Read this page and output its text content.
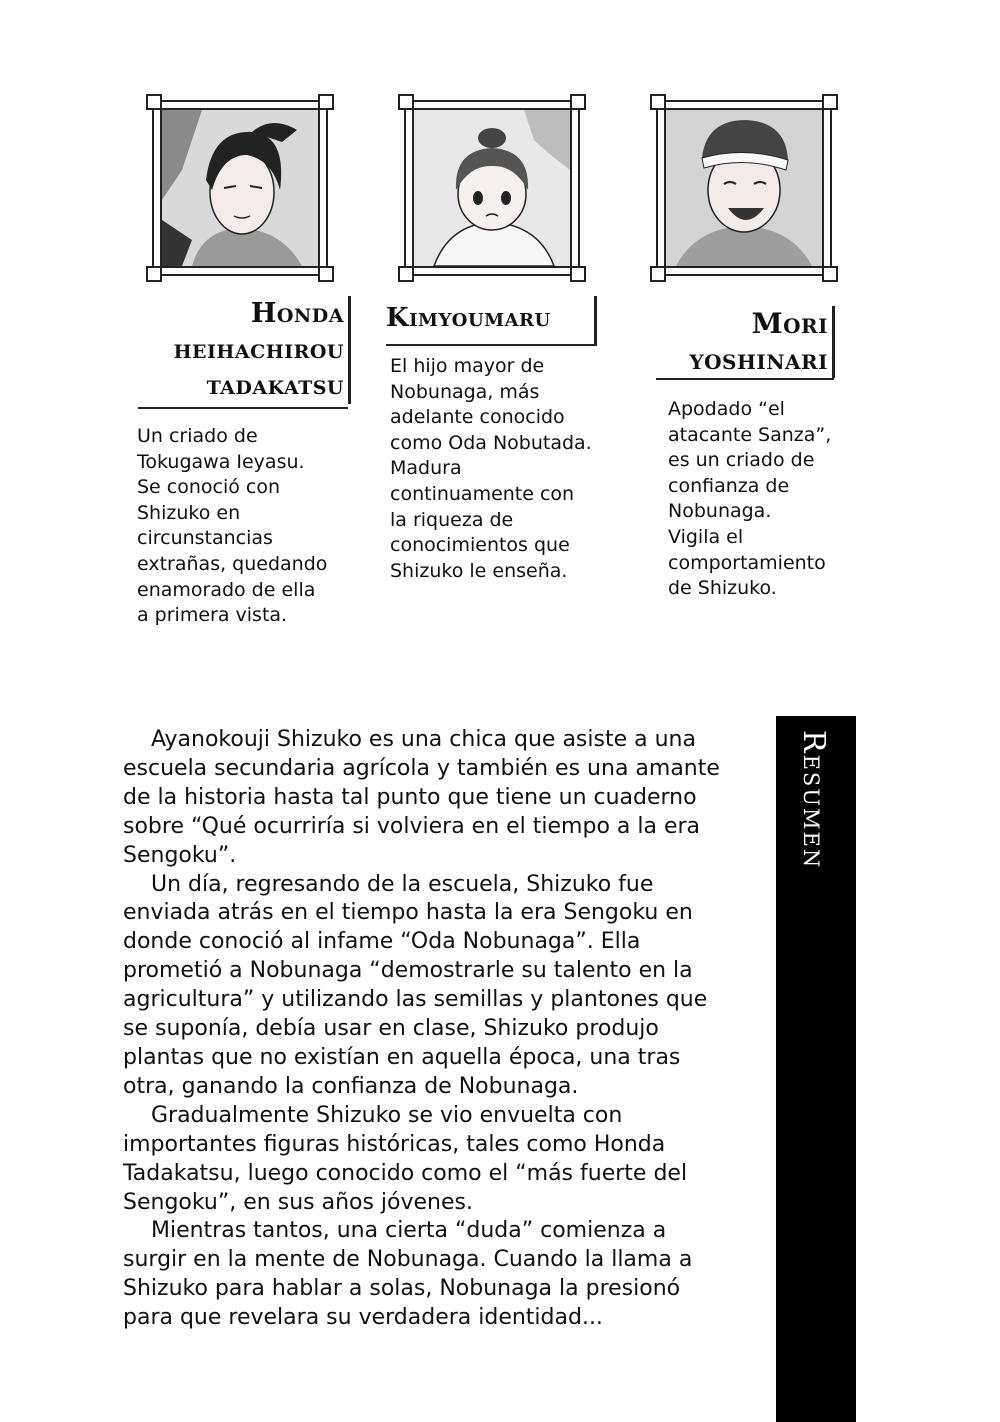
Honda
heihachirou
tadakatsu
Kimyoumaru	Mori
yoshinari
Un criado de
Tokugawa Ieyasu.
Se conoció con
Shizuko en
circunstancias
extrañas, quedando
enamorado de ella
a primera vista.
El hijo mayor de
Nobunaga, más
adelante conocido
como Oda Nobutada.
Madura
continuamente con
la riqueza de
conocimientos que
Shizuko le enseña.
Apodado “el
atacante Sanza”,
es un criado de
confianza de
Nobunaga.
Vigila el
comportamiento
de Shizuko.
Ayanokouji Shizuko es una chica que asiste a una
escuela secundaria agrícola y también es una amante
de la historia hasta tal punto que tiene un cuaderno
sobre “Qué ocurriría si volviera en el tiempo a la era
Sengoku”.
Un día, regresando de la escuela, Shizuko fue
enviada atrás en el tiempo hasta la era Sengoku en
donde conoció al infame “Oda Nobunaga”. Ella
prometió a Nobunaga “demostrarle su talento en la
agricultura” y utilizando las semillas y plantones que
se suponía, debía usar en clase, Shizuko produjo
plantas que no existían en aquella época, una tras
otra, ganando la confianza de Nobunaga.
Gradualmente Shizuko se vio envuelta con
importantes figuras históricas, tales como Honda
Tadakatsu, luego conocido como el “más fuerte del
Sengoku”, en sus años jóvenes.
Mientras tantos, una cierta “duda” comienza a
surgir en la mente de Nobunaga. Cuando la llama a
Shizuko para hablar a solas, Nobunaga la presionó
para que revelara su verdadera identidad...
Resumen
